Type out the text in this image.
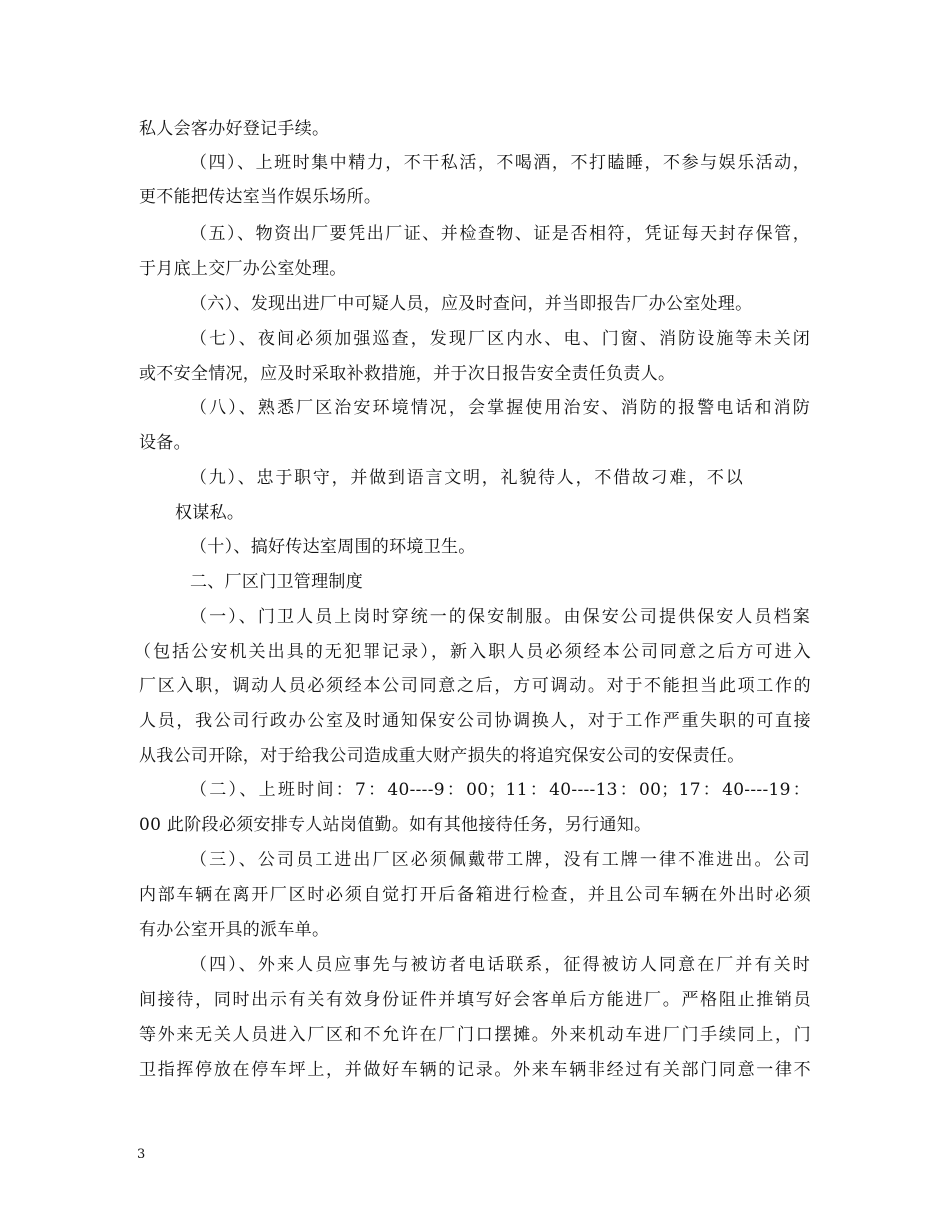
私人会客办好登记手续。
（四）、上班时集中精力，不干私活，不喝酒，不打瞌睡，不参与娱乐活动，
更不能把传达室当作娱乐场所。
（五）、物资出厂要凭出厂证、并检查物、证是否相符，凭证每天封存保管，
于月底上交厂办公室处理。
（六）、发现出进厂中可疑人员，应及时查问，并当即报告厂办公室处理。
（七）、夜间必须加强巡查，发现厂区内水、电、门窗、消防设施等未关闭
或不安全情况，应及时采取补救措施，并于次日报告安全责任负责人。
（八）、熟悉厂区治安环境情况，会掌握使用治安、消防的报警电话和消防
设备。
（九）、忠于职守，并做到语言文明，礼貌待人，不借故刁难，不以
权谋私。
（十）、搞好传达室周围的环境卫生。
二、厂区门卫管理制度
（一）、门卫人员上岗时穿统一的保安制服。由保安公司提供保安人员档案
（包括公安机关出具的无犯罪记录），新入职人员必须经本公司同意之后方可进入
厂区入职，调动人员必须经本公司同意之后，方可调动。对于不能担当此项工作的
人员，我公司行政办公室及时通知保安公司协调换人，对于工作严重失职的可直接
从我公司开除，对于给我公司造成重大财产损失的将追究保安公司的安保责任。
（二）、上班时间：7：40----9：00；11：40----13：00；17：40----19：
00 此阶段必须安排专人站岗值勤。如有其他接待任务，另行通知。
（三）、公司员工进出厂区必须佩戴带工牌，没有工牌一律不准进出。公司
内部车辆在离开厂区时必须自觉打开后备箱进行检查，并且公司车辆在外出时必须
有办公室开具的派车单。
（四）、外来人员应事先与被访者电话联系，征得被访人同意在厂并有关时
间接待，同时出示有关有效身份证件并填写好会客单后方能进厂。严格阻止推销员
等外来无关人员进入厂区和不允许在厂门口摆摊。外来机动车进厂门手续同上，门
卫指挥停放在停车坪上，并做好车辆的记录。外来车辆非经过有关部门同意一律不
3
